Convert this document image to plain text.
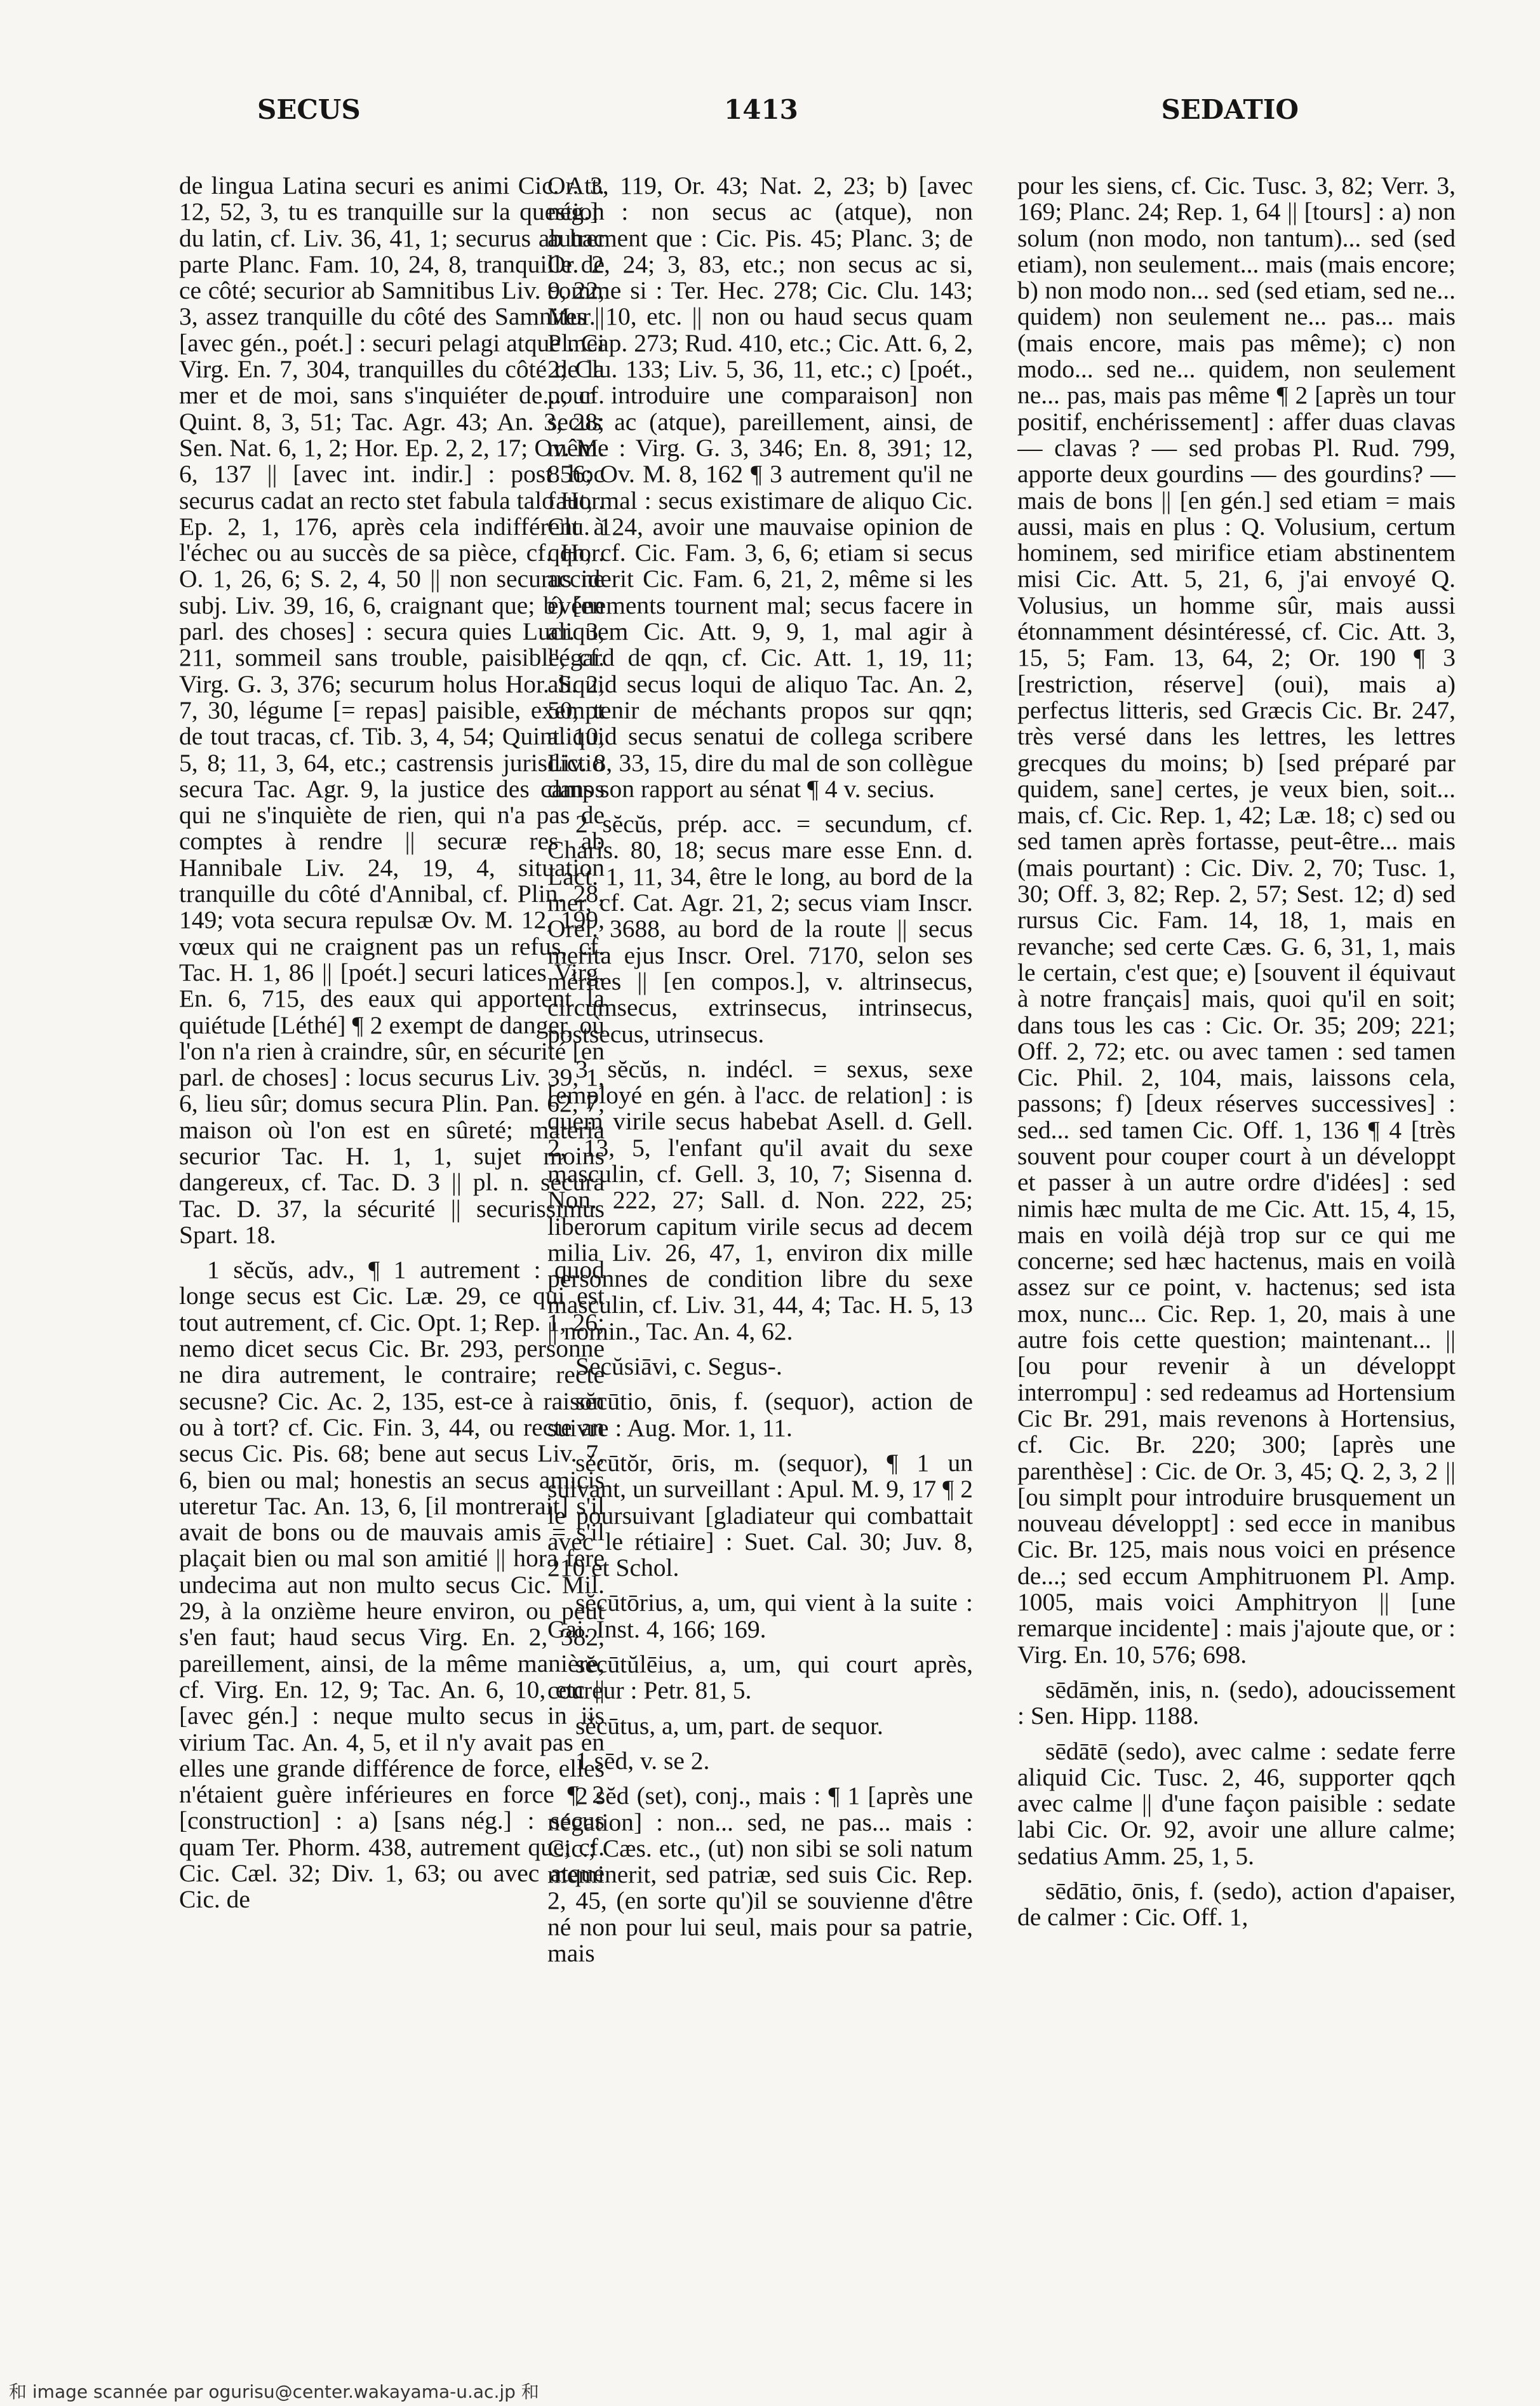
SECUS	1413	SEDATIO

de lingua Latina securi es animi Cic. Att. 12, 52, 3, tu es tranquille sur la question du latin, cf. Liv. 36, 41, 1; securus ab hac parte Planc. Fam. 10, 24, 8, tranquille de ce côté; securior ab Samnitibus Liv. 9, 22, 3, assez tranquille du côté des Samnites || [avec gén., poét.] : securi pelagi atque mei Virg. En. 7, 304, tranquilles du côté de la mer et de moi, sans s'inquiéter de..., cf. Quint. 8, 3, 51; Tac. Agr. 43; An. 3, 28; Sen. Nat. 6, 1, 2; Hor. Ep. 2, 2, 17; Ov. M. 6, 137 || [avec int. indir.] : post hoc securus cadat an recto stet fabula talo Hor. Ep. 2, 1, 176, après cela indifférent à l'échec ou au succès de sa pièce, cf. Hor. O. 1, 26, 6; S. 2, 4, 50 || non securus ne subj. Liv. 39, 16, 6, craignant que; b) [en parl. des choses] : secura quies Lucr. 3, 211, sommeil sans trouble, paisible, cf. Virg. G. 3, 376; securum holus Hor. S. 2, 7, 30, légume [= repas] paisible, exempt de tout tracas, cf. Tib. 3, 4, 54; Quint. 10, 5, 8; 11, 3, 64, etc.; castrensis jurisdictio secura Tac. Agr. 9, la justice des camps qui ne s'inquiète de rien, qui n'a pas de comptes à rendre || securæ res ab Hannibale Liv. 24, 19, 4, situation tranquille du côté d'Annibal, cf. Plin. 28, 149; vota secura repulsæ Ov. M. 12, 199, vœux qui ne craignent pas un refus, cf. Tac. H. 1, 86 || [poét.] securi latices Virg. En. 6, 715, des eaux qui apportent la quiétude [Léthé] ¶ 2 exempt de danger, où l'on n'a rien à craindre, sûr, en sécurité [en parl. de choses] : locus securus Liv. 39, 1, 6, lieu sûr; domus secura Plin. Pan. 62, 7, maison où l'on est en sûreté; materia securior Tac. H. 1, 1, sujet moins dangereux, cf. Tac. D. 3 || pl. n. secura Tac. D. 37, la sécurité || securissimus Spart. 18.

1 sĕcŭs, adv., ¶ 1 autrement : quod longe secus est Cic. Læ. 29, ce qui est tout autrement, cf. Cic. Opt. 1; Rep. 1, 26; nemo dicet secus Cic. Br. 293, personne ne dira autrement, le contraire; recte secusne? Cic. Ac. 2, 135, est-ce à raison ou à tort? cf. Cic. Fin. 3, 44, ou recte an secus Cic. Pis. 68; bene aut secus Liv. 7, 6, bien ou mal; honestis an secus amicis uteretur Tac. An. 13, 6, [il montrerait] s'il avait de bons ou de mauvais amis = s'il plaçait bien ou mal son amitié || hora fere undecima aut non multo secus Cic. Mil. 29, à la onzième heure environ, ou peut s'en faut; haud secus Virg. En. 2, 382, pareillement, ainsi, de la même manière, cf. Virg. En. 12, 9; Tac. An. 6, 10, etc || [avec gén.] : neque multo secus in iis virium Tac. An. 4, 5, et il n'y avait pas en elles une grande différence de force, elles n'étaient guère inférieures en force ¶ 2 [construction] : a) [sans nég.] : secus quam Ter. Phorm. 438, autrement que; cf. Cic. Cæl. 32; Div. 1, 63; ou avec atque Cic. de

Or. 3, 119, Or. 43; Nat. 2, 23; b) [avec nég.] : non secus ac (atque), non autrement que : Cic. Pis. 45; Planc. 3; de Or. 2, 24; 3, 83, etc.; non secus ac si, comme si : Ter. Hec. 278; Cic. Clu. 143; Mur. 10, etc. || non ou haud secus quam Pl. Cap. 273; Rud. 410, etc.; Cic. Att. 6, 2, 2; Clu. 133; Liv. 5, 36, 11, etc.; c) [poét., pour introduire une comparaison] non secus ac (atque), pareillement, ainsi, de même : Virg. G. 3, 346; En. 8, 391; 12, 856; Ov. M. 8, 162 ¶ 3 autrement qu'il ne faut, mal : secus existimare de aliquo Cic. Clu. 124, avoir une mauvaise opinion de qqn, cf. Cic. Fam. 3, 6, 6; etiam si secus acciderit Cic. Fam. 6, 21, 2, même si les événements tournent mal; secus facere in aliquem Cic. Att. 9, 9, 1, mal agir à l'égard de qqn, cf. Cic. Att. 1, 19, 11; aliquid secus loqui de aliquo Tac. An. 2, 50, tenir de méchants propos sur qqn; aliquid secus senatui de collega scribere Liv. 8, 33, 15, dire du mal de son collègue dans son rapport au sénat ¶ 4 v. secius.

2 sĕcŭs, prép. acc. = secundum, cf. Charis. 80, 18; secus mare esse Enn. d. Lact. 1, 11, 34, être le long, au bord de la mer, cf. Cat. Agr. 21, 2; secus viam Inscr. Orel. 3688, au bord de la route || secus merita ejus Inscr. Orel. 7170, selon ses mérites || [en compos.], v. altrinsecus, circumsecus, extrinsecus, intrinsecus, postsecus, utrinsecus.

3 sĕcŭs, n. indécl. = sexus, sexe [employé en gén. à l'acc. de relation] : is quem virile secus habebat Asell. d. Gell. 2, 13, 5, l'enfant qu'il avait du sexe masculin, cf. Gell. 3, 10, 7; Sisenna d. Non. 222, 27; Sall. d. Non. 222, 25; liberorum capitum virile secus ad decem milia Liv. 26, 47, 1, environ dix mille personnes de condition libre du sexe masculin, cf. Liv. 31, 44, 4; Tac. H. 5, 13 || nomin., Tac. An. 4, 62.

Secŭsiāvi, c. Segus-.

sĕcūtio, ōnis, f. (sequor), action de suivre : Aug. Mor. 1, 11.

sĕcūtŏr, ōris, m. (sequor), ¶ 1 un suivant, un surveillant : Apul. M. 9, 17 ¶ 2 le poursuivant [gladiateur qui combattait avec le rétiaire] : Suet. Cal. 30; Juv. 8, 210 et Schol.

sĕcūtōrius, a, um, qui vient à la suite : Gai. Inst. 4, 166; 169.

sĕcūtŭlēius, a, um, qui court après, coureur : Petr. 81, 5.

sĕcūtus, a, um, part. de sequor.

1 sēd, v. se 2.

2 sĕd (set), conj., mais : ¶ 1 [après une négation] : non... sed, ne pas... mais : Cic.; Cæs. etc., (ut) non sibi se soli natum meminerit, sed patriæ, sed suis Cic. Rep. 2, 45, (en sorte qu')il se souvienne d'être né non pour lui seul, mais pour sa patrie, mais

pour les siens, cf. Cic. Tusc. 3, 82; Verr. 3, 169; Planc. 24; Rep. 1, 64 || [tours] : a) non solum (non modo, non tantum)... sed (sed etiam), non seulement... mais (mais encore; b) non modo non... sed (sed etiam, sed ne... quidem) non seulement ne... pas... mais (mais encore, mais pas même); c) non modo... sed ne... quidem, non seulement ne... pas, mais pas même ¶ 2 [après un tour positif, enchérissement] : affer duas clavas — clavas ? — sed probas Pl. Rud. 799, apporte deux gourdins — des gourdins? — mais de bons || [en gén.] sed etiam = mais aussi, mais en plus : Q. Volusium, certum hominem, sed mirifice etiam abstinentem misi Cic. Att. 5, 21, 6, j'ai envoyé Q. Volusius, un homme sûr, mais aussi étonnamment désintéressé, cf. Cic. Att. 3, 15, 5; Fam. 13, 64, 2; Or. 190 ¶ 3 [restriction, réserve] (oui), mais a) perfectus litteris, sed Græcis Cic. Br. 247, très versé dans les lettres, les lettres grecques du moins; b) [sed préparé par quidem, sane] certes, je veux bien, soit... mais, cf. Cic. Rep. 1, 42; Læ. 18; c) sed ou sed tamen après fortasse, peut-être... mais (mais pourtant) : Cic. Div. 2, 70; Tusc. 1, 30; Off. 3, 82; Rep. 2, 57; Sest. 12; d) sed rursus Cic. Fam. 14, 18, 1, mais en revanche; sed certe Cæs. G. 6, 31, 1, mais le certain, c'est que; e) [souvent il équivaut à notre français] mais, quoi qu'il en soit; dans tous les cas : Cic. Or. 35; 209; 221; Off. 2, 72; etc. ou avec tamen : sed tamen Cic. Phil. 2, 104, mais, laissons cela, passons; f) [deux réserves successives] : sed... sed tamen Cic. Off. 1, 136 ¶ 4 [très souvent pour couper court à un développt et passer à un autre ordre d'idées] : sed nimis hæc multa de me Cic. Att. 15, 4, 15, mais en voilà déjà trop sur ce qui me concerne; sed hæc hactenus, mais en voilà assez sur ce point, v. hactenus; sed ista mox, nunc... Cic. Rep. 1, 20, mais à une autre fois cette question; maintenant... || [ou pour revenir à un développt interrompu] : sed redeamus ad Hortensium Cic Br. 291, mais revenons à Hortensius, cf. Cic. Br. 220; 300; [après une parenthèse] : Cic. de Or. 3, 45; Q. 2, 3, 2 || [ou simplt pour introduire brusquement un nouveau développt] : sed ecce in manibus Cic. Br. 125, mais nous voici en présence de...; sed eccum Amphitruonem Pl. Amp. 1005, mais voici Amphitryon || [une remarque incidente] : mais j'ajoute que, or : Virg. En. 10, 576; 698.

sēdāmĕn, inis, n. (sedo), adoucissement : Sen. Hipp. 1188.

sēdātē (sedo), avec calme : sedate ferre aliquid Cic. Tusc. 2, 46, supporter qqch avec calme || d'une façon paisible : sedate labi Cic. Or. 92, avoir une allure calme; sedatius Amm. 25, 1, 5.

sēdātio, ōnis, f. (sedo), action d'apaiser, de calmer : Cic. Off. 1,

和 image scannée par ogurisu@center.wakayama-u.ac.jp 和
